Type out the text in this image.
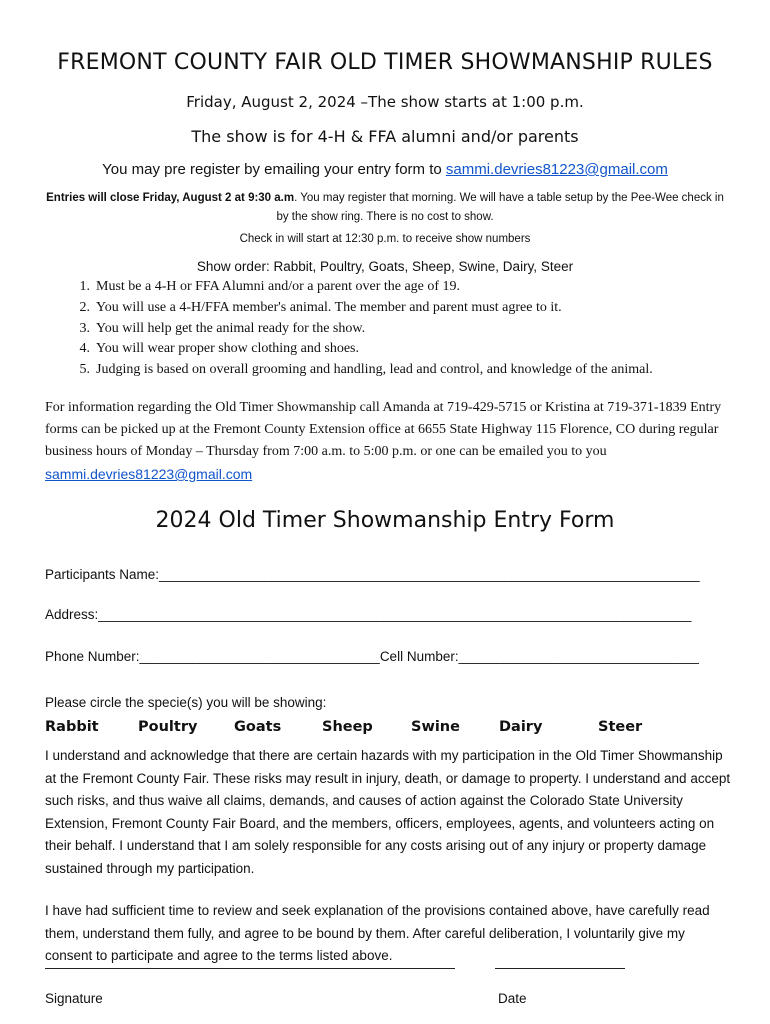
FREMONT COUNTY FAIR OLD TIMER SHOWMANSHIP RULES
Friday, August 2, 2024 –The show starts at 1:00 p.m.
The show is for 4-H & FFA alumni and/or parents
You may pre register by emailing your entry form to sammi.devries81223@gmail.com
Entries will close Friday, August 2 at 9:30 a.m. You may register that morning. We will have a table setup by the Pee-Wee check in by the show ring. There is no cost to show.
Check in will start at 12:30 p.m. to receive show numbers
Show order: Rabbit, Poultry, Goats, Sheep, Swine, Dairy, Steer
1. Must be a 4-H or FFA Alumni and/or a parent over the age of 19.
2. You will use a 4-H/FFA member's animal. The member and parent must agree to it.
3. You will help get the animal ready for the show.
4. You will wear proper show clothing and shoes.
5. Judging is based on overall grooming and handling, lead and control, and knowledge of the animal.
For information regarding the Old Timer Showmanship call Amanda at 719-429-5715 or Kristina at 719-371-1839 Entry forms can be picked up at the Fremont County Extension office at 6655 State Highway 115 Florence, CO during regular business hours of Monday – Thursday from 7:00 a.m. to 5:00 p.m. or one can be emailed you to you sammi.devries81223@gmail.com
2024 Old Timer Showmanship Entry Form
Participants Name:________________________________________________________________________
Address:_______________________________________________________________________________
Phone Number:________________________________Cell Number:________________________________
Please circle the specie(s) you will be showing:
Rabbit	Poultry	Goats	Sheep	Swine	Dairy	Steer
I understand and acknowledge that there are certain hazards with my participation in the Old Timer Showmanship at the Fremont County Fair. These risks may result in injury, death, or damage to property. I understand and accept such risks, and thus waive all claims, demands, and causes of action against the Colorado State University Extension, Fremont County Fair Board, and the members, officers, employees, agents, and volunteers acting on their behalf. I understand that I am solely responsible for any costs arising out of any injury or property damage sustained through my participation.
I have had sufficient time to review and seek explanation of the provisions contained above, have carefully read them, understand them fully, and agree to be bound by them. After careful deliberation, I voluntarily give my consent to participate and agree to the terms listed above.
Signature	Date
